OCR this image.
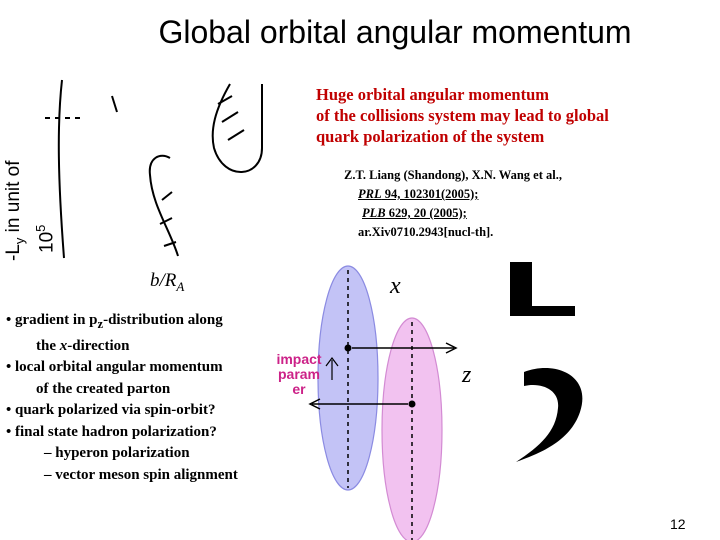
Global orbital angular momentum
$-L_y$ in unit of
$10^5$
Huge orbital angular momentum
of the collisions system may lead to global
quark polarization of the system
Z.T. Liang (Shandong), X.N. Wang et al.,
PRL 94, 102301(2005);
PLB 629, 20 (2005);
ar.Xiv0710.2943[nucl-th].
$b/R_A$	x
z
• gradient in $p_z$-distribution along
the x-direction
• local orbital angular momentum
of the created parton
• quark polarized via spin-orbit?
• final state hadron polarization?
– hyperon polarization
– vector meson spin alignment
impact
param
er
12
